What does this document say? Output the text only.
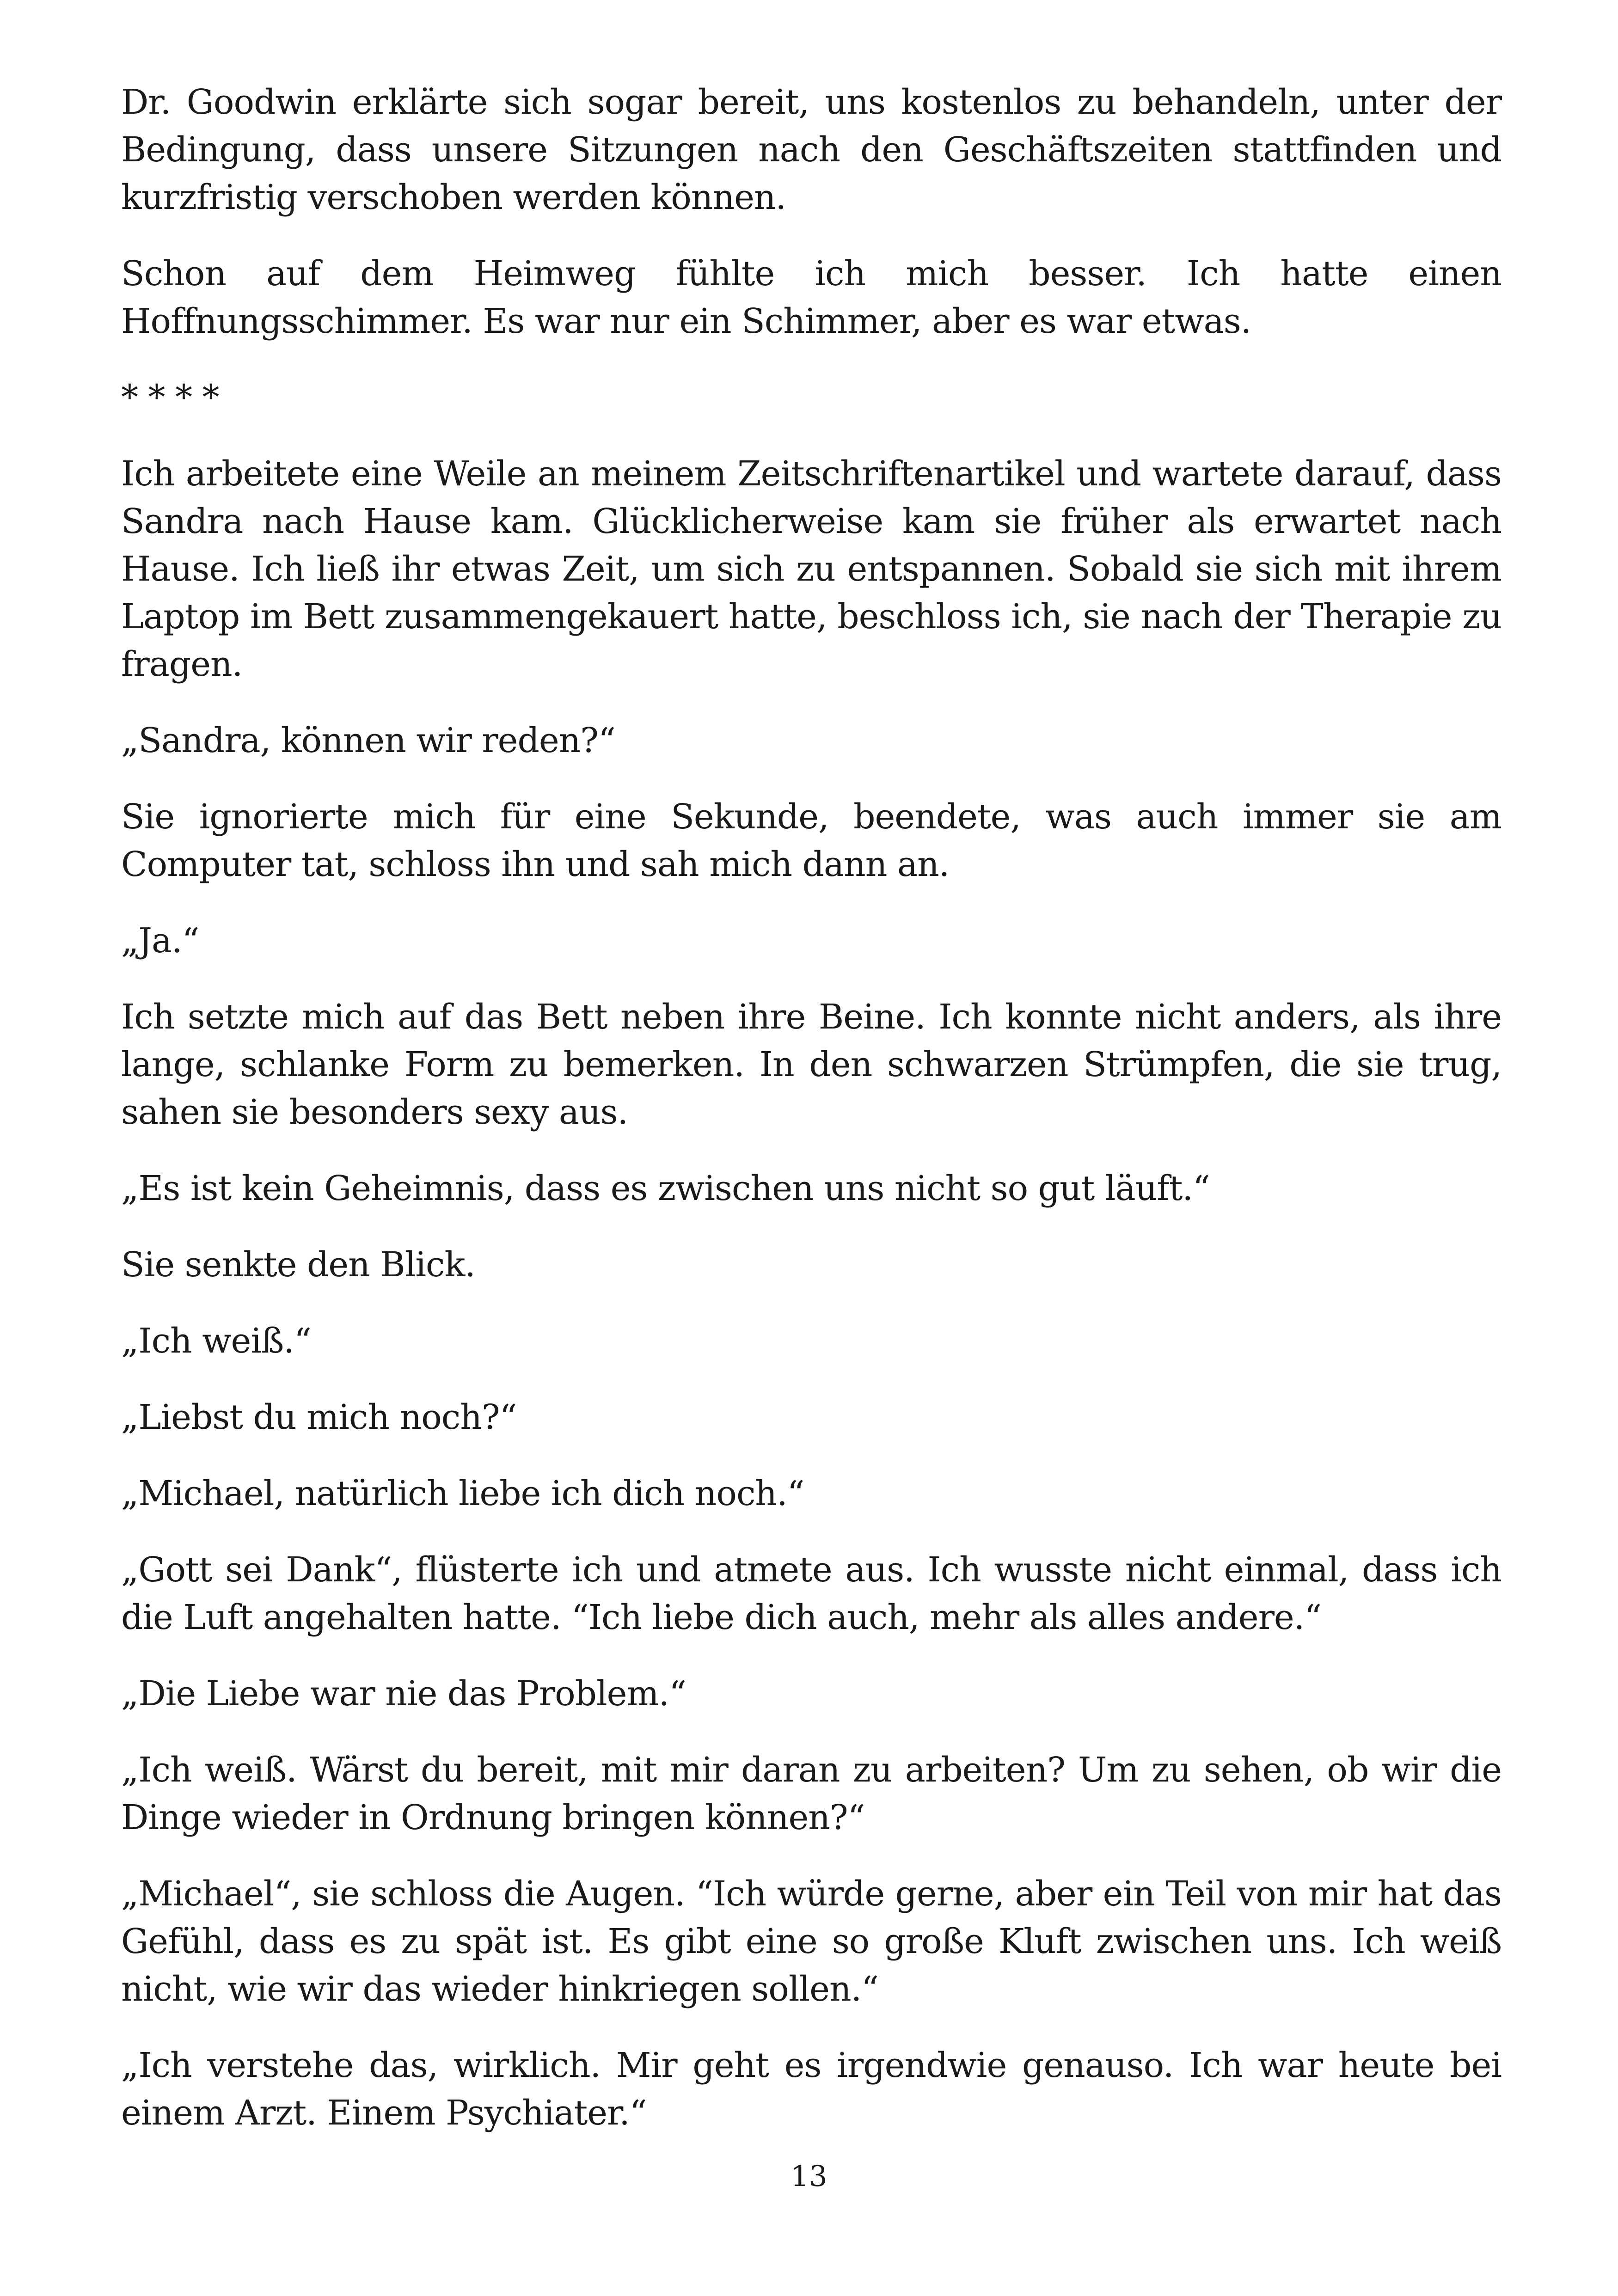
Dr. Goodwin erklärte sich sogar bereit, uns kostenlos zu behandeln, unter der Bedingung, dass unsere Sitzungen nach den Geschäftszeiten stattfinden und kurzfristig verschoben werden können.

Schon auf dem Heimweg fühlte ich mich besser. Ich hatte einen Hoffnungsschimmer. Es war nur ein Schimmer, aber es war etwas.

* * * *

Ich arbeitete eine Weile an meinem Zeitschriftenartikel und wartete darauf, dass Sandra nach Hause kam. Glücklicherweise kam sie früher als erwartet nach Hause. Ich ließ ihr etwas Zeit, um sich zu entspannen. Sobald sie sich mit ihrem Laptop im Bett zusammengekauert hatte, beschloss ich, sie nach der Therapie zu fragen.

„Sandra, können wir reden?“

Sie ignorierte mich für eine Sekunde, beendete, was auch immer sie am Computer tat, schloss ihn und sah mich dann an.

„Ja.“

Ich setzte mich auf das Bett neben ihre Beine. Ich konnte nicht anders, als ihre lange, schlanke Form zu bemerken. In den schwarzen Strümpfen, die sie trug, sahen sie besonders sexy aus.

„Es ist kein Geheimnis, dass es zwischen uns nicht so gut läuft.“

Sie senkte den Blick.

„Ich weiß.“

„Liebst du mich noch?“

„Michael, natürlich liebe ich dich noch.“

„Gott sei Dank“, flüsterte ich und atmete aus. Ich wusste nicht einmal, dass ich die Luft angehalten hatte. “Ich liebe dich auch, mehr als alles andere.“

„Die Liebe war nie das Problem.“

„Ich weiß. Wärst du bereit, mit mir daran zu arbeiten? Um zu sehen, ob wir die Dinge wieder in Ordnung bringen können?“

„Michael“, sie schloss die Augen. “Ich würde gerne, aber ein Teil von mir hat das Gefühl, dass es zu spät ist. Es gibt eine so große Kluft zwischen uns. Ich weiß nicht, wie wir das wieder hinkriegen sollen.“

„Ich verstehe das, wirklich. Mir geht es irgendwie genauso. Ich war heute bei einem Arzt. Einem Psychiater.“

13
